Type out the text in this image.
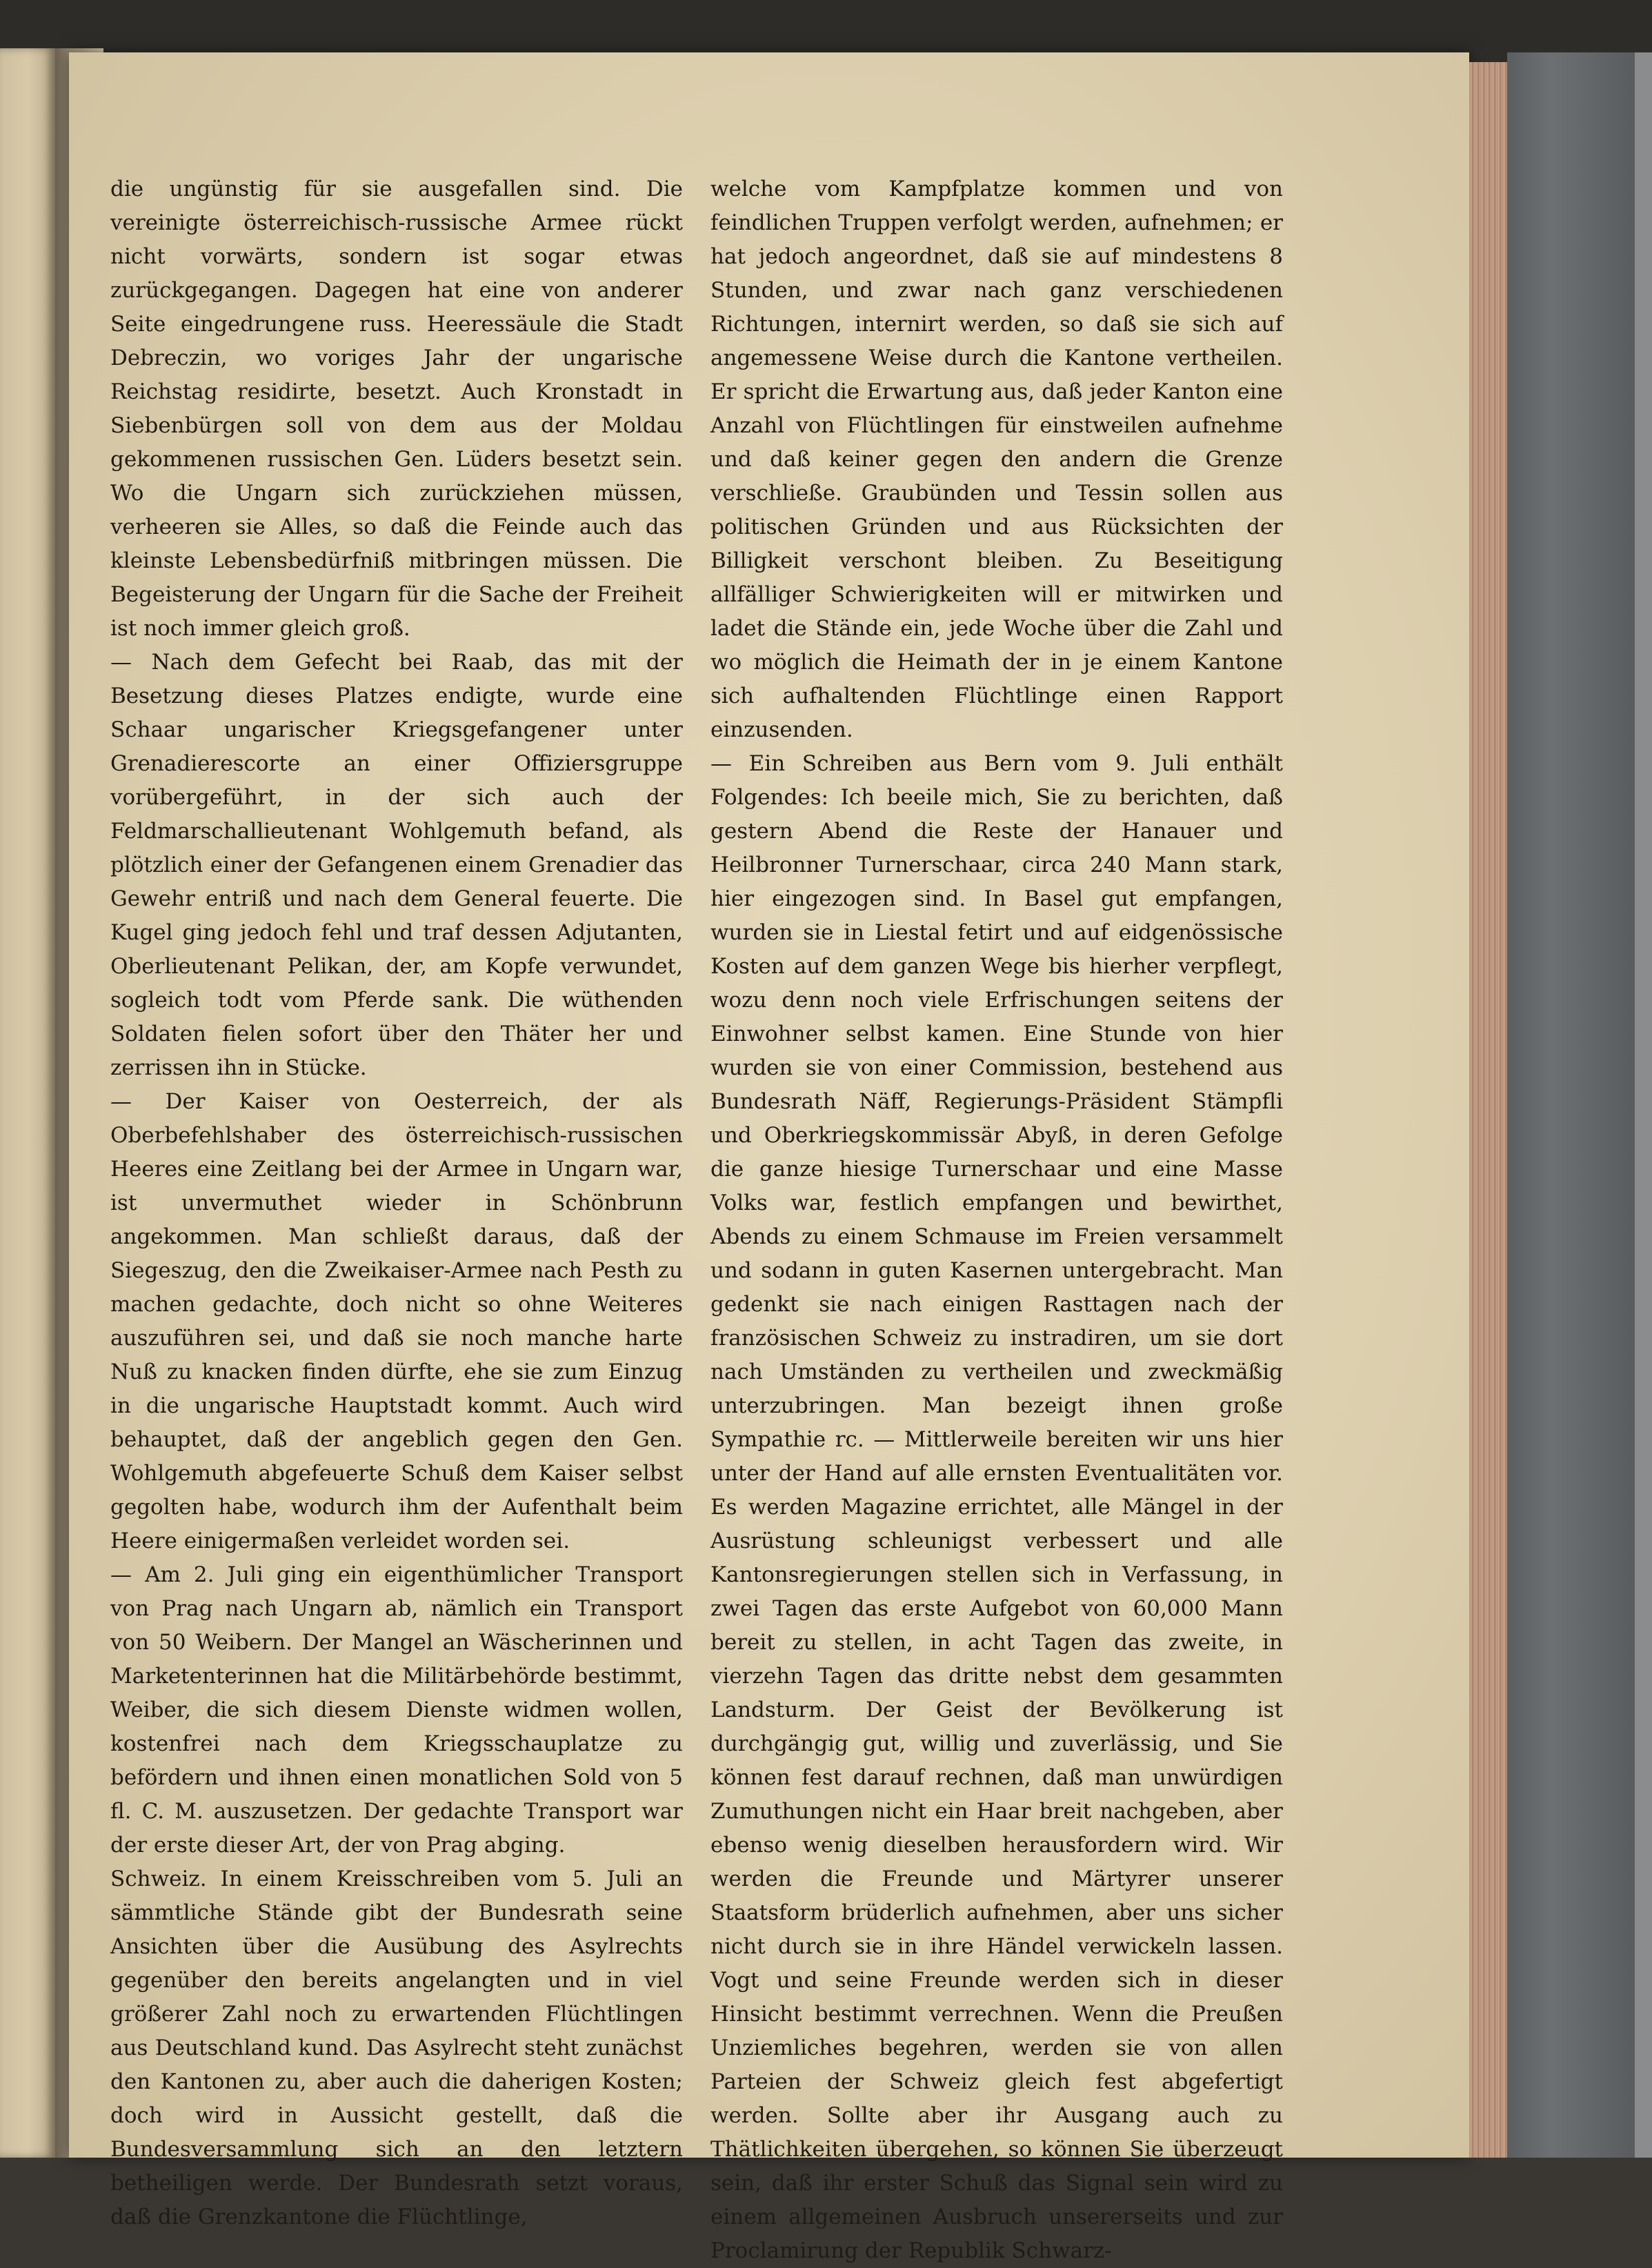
die ungünstig für sie ausgefallen sind. Die vereinigte österreichisch-russische Armee rückt nicht vorwärts, sondern ist sogar etwas zurückgegangen. Dagegen hat eine von anderer Seite eingedrungene russ. Heeressäule die Stadt Debreczin, wo voriges Jahr der ungarische Reichstag residirte, besetzt. Auch Kronstadt in Siebenbürgen soll von dem aus der Moldau gekommenen russischen Gen. Lüders besetzt sein. Wo die Ungarn sich zurückziehen müssen, verheeren sie Alles, so daß die Feinde auch das kleinste Lebensbedürfniß mitbringen müssen. Die Begeisterung der Ungarn für die Sache der Freiheit ist noch immer gleich groß.

— Nach dem Gefecht bei Raab, das mit der Besetzung dieses Platzes endigte, wurde eine Schaar ungarischer Kriegsgefangener unter Grenadierescorte an einer Offiziersgruppe vorübergeführt, in der sich auch der Feldmarschallieutenant Wohlgemuth befand, als plötzlich einer der Gefangenen einem Grenadier das Gewehr entriß und nach dem General feuerte. Die Kugel ging jedoch fehl und traf dessen Adjutanten, Oberlieutenant Pelikan, der, am Kopfe verwundet, sogleich todt vom Pferde sank. Die wüthenden Soldaten fielen sofort über den Thäter her und zerrissen ihn in Stücke.

— Der Kaiser von Oesterreich, der als Oberbefehlshaber des österreichisch-russischen Heeres eine Zeitlang bei der Armee in Ungarn war, ist unvermuthet wieder in Schönbrunn angekommen. Man schließt daraus, daß der Siegeszug, den die Zweikaiser-Armee nach Pesth zu machen gedachte, doch nicht so ohne Weiteres auszuführen sei, und daß sie noch manche harte Nuß zu knacken finden dürfte, ehe sie zum Einzug in die ungarische Hauptstadt kommt. Auch wird behauptet, daß der angeblich gegen den Gen. Wohlgemuth abgefeuerte Schuß dem Kaiser selbst gegolten habe, wodurch ihm der Aufenthalt beim Heere einigermaßen verleidet worden sei.

— Am 2. Juli ging ein eigenthümlicher Transport von Prag nach Ungarn ab, nämlich ein Transport von 50 Weibern. Der Mangel an Wäscherinnen und Marketenterinnen hat die Militärbehörde bestimmt, Weiber, die sich diesem Dienste widmen wollen, kostenfrei nach dem Kriegsschauplatze zu befördern und ihnen einen monatlichen Sold von 5 fl. C. M. auszusetzen. Der gedachte Transport war der erste dieser Art, der von Prag abging.

Schweiz. In einem Kreisschreiben vom 5. Juli an sämmtliche Stände gibt der Bundesrath seine Ansichten über die Ausübung des Asylrechts gegenüber den bereits angelangten und in viel größerer Zahl noch zu erwartenden Flüchtlingen aus Deutschland kund. Das Asylrecht steht zunächst den Kantonen zu, aber auch die daherigen Kosten; doch wird in Aussicht gestellt, daß die Bundesversammlung sich an den letztern betheiligen werde. Der Bundesrath setzt voraus, daß die Grenzkantone die Flüchtlinge,

welche vom Kampfplatze kommen und von feindlichen Truppen verfolgt werden, aufnehmen; er hat jedoch angeordnet, daß sie auf mindestens 8 Stunden, und zwar nach ganz verschiedenen Richtungen, internirt werden, so daß sie sich auf angemessene Weise durch die Kantone vertheilen. Er spricht die Erwartung aus, daß jeder Kanton eine Anzahl von Flüchtlingen für einstweilen aufnehme und daß keiner gegen den andern die Grenze verschließe. Graubünden und Tessin sollen aus politischen Gründen und aus Rücksichten der Billigkeit verschont bleiben. Zu Beseitigung allfälliger Schwierigkeiten will er mitwirken und ladet die Stände ein, jede Woche über die Zahl und wo möglich die Heimath der in je einem Kantone sich aufhaltenden Flüchtlinge einen Rapport einzusenden.

— Ein Schreiben aus Bern vom 9. Juli enthält Folgendes: Ich beeile mich, Sie zu berichten, daß gestern Abend die Reste der Hanauer und Heilbronner Turnerschaar, circa 240 Mann stark, hier eingezogen sind. In Basel gut empfangen, wurden sie in Liestal fetirt und auf eidgenössische Kosten auf dem ganzen Wege bis hierher verpflegt, wozu denn noch viele Erfrischungen seitens der Einwohner selbst kamen. Eine Stunde von hier wurden sie von einer Commission, bestehend aus Bundesrath Näff, Regierungs-Präsident Stämpfli und Oberkriegskommissär Abyß, in deren Gefolge die ganze hiesige Turnerschaar und eine Masse Volks war, festlich empfangen und bewirthet, Abends zu einem Schmause im Freien versammelt und sodann in guten Kasernen untergebracht. Man gedenkt sie nach einigen Rasttagen nach der französischen Schweiz zu instradiren, um sie dort nach Umständen zu vertheilen und zweckmäßig unterzubringen. Man bezeigt ihnen große Sympathie rc. — Mittlerweile bereiten wir uns hier unter der Hand auf alle ernsten Eventualitäten vor. Es werden Magazine errichtet, alle Mängel in der Ausrüstung schleunigst verbessert und alle Kantonsregierungen stellen sich in Verfassung, in zwei Tagen das erste Aufgebot von 60,000 Mann bereit zu stellen, in acht Tagen das zweite, in vierzehn Tagen das dritte nebst dem gesammten Landsturm. Der Geist der Bevölkerung ist durchgängig gut, willig und zuverlässig, und Sie können fest darauf rechnen, daß man unwürdigen Zumuthungen nicht ein Haar breit nachgeben, aber ebenso wenig dieselben herausfordern wird. Wir werden die Freunde und Märtyrer unserer Staatsform brüderlich aufnehmen, aber uns sicher nicht durch sie in ihre Händel verwickeln lassen. Vogt und seine Freunde werden sich in dieser Hinsicht bestimmt verrechnen. Wenn die Preußen Unziemliches begehren, werden sie von allen Parteien der Schweiz gleich fest abgefertigt werden. Sollte aber ihr Ausgang auch zu Thätlichkeiten übergehen, so können Sie überzeugt sein, daß ihr erster Schuß das Signal sein wird zu einem allgemeinen Ausbruch unsererseits und zur Proclamirung der Republik Schwarz-
